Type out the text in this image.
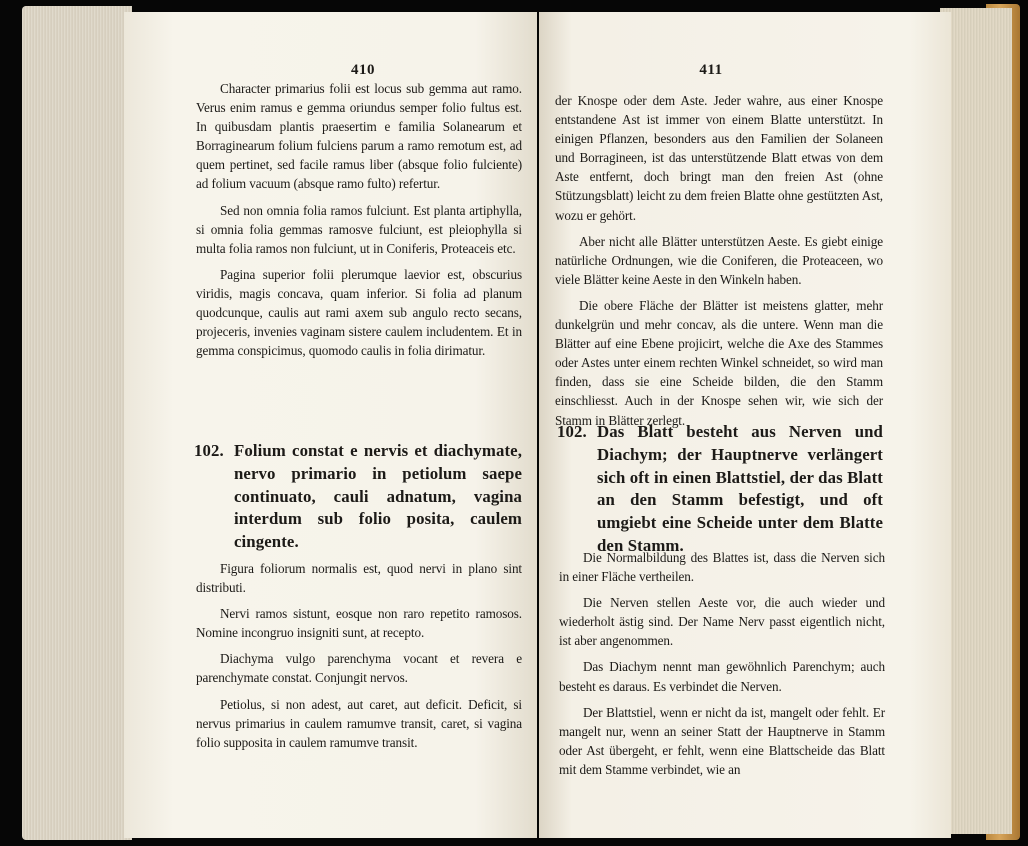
410

Character primarius folii est locus sub gemma aut ramo. Verus enim ramus e gemma oriundus semper folio fultus est. In quibusdam plantis praesertim e familia Solanearum et Borraginearum folium fulciens parum a ramo remotum est, ad quem pertinet, sed facile ramus liber (absque folio fulciente) ad folium vacuum (absque ramo fulto) refertur.

Sed non omnia folia ramos fulciunt. Est planta artiphylla, si omnia folia gemmas ramosve fulciunt, est pleiophylla si multa folia ramos non fulciunt, ut in Coniferis, Proteaceis etc.

Pagina superior folii plerumque laevior est, obscurius viridis, magis concava, quam inferior. Si folia ad planum quodcunque, caulis aut rami axem sub angulo recto secans, projeceris, invenies vaginam sistere caulem includentem. Et in gemma conspicimus, quomodo caulis in folia dirimatur.

102. Folium constat e nervis et diachymate, nervo primario in petiolum saepe continuato, cauli adnatum, vagina interdum sub folio posita, caulem cingente.

Figura foliorum normalis est, quod nervi in plano sint distributi.

Nervi ramos sistunt, eosque non raro repetito ramosos. Nomine incongruo insigniti sunt, at recepto.

Diachyma vulgo parenchyma vocant et revera e parenchymate constat. Conjungit nervos.

Petiolus, si non adest, aut caret, aut deficit. Deficit, si nervus primarius in caulem ramumve transit, caret, si vagina folio supposita in caulem ramumve transit.

411

der Knospe oder dem Aste. Jeder wahre, aus einer Knospe entstandene Ast ist immer von einem Blatte unterstützt. In einigen Pflanzen, besonders aus den Familien der Solaneen und Borragineen, ist das unterstützende Blatt etwas von dem Aste entfernt, doch bringt man den freien Ast (ohne Stützungsblatt) leicht zu dem freien Blatte ohne gestützten Ast, wozu er gehört.

Aber nicht alle Blätter unterstützen Aeste. Es giebt einige natürliche Ordnungen, wie die Coniferen, die Proteaceen, wo viele Blätter keine Aeste in den Winkeln haben.

Die obere Fläche der Blätter ist meistens glatter, mehr dunkelgrün und mehr concav, als die untere. Wenn man die Blätter auf eine Ebene projicirt, welche die Axe des Stammes oder Astes unter einem rechten Winkel schneidet, so wird man finden, dass sie eine Scheide bilden, die den Stamm einschliesst. Auch in der Knospe sehen wir, wie sich der Stamm in Blätter zerlegt.

102. Das Blatt besteht aus Nerven und Diachym; der Hauptnerve verlängert sich oft in einen Blattstiel, der das Blatt an den Stamm befestigt, und oft umgiebt eine Scheide unter dem Blatte den Stamm.

Die Normalbildung des Blattes ist, dass die Nerven sich in einer Fläche vertheilen.

Die Nerven stellen Aeste vor, die auch wieder und wiederholt ästig sind. Der Name Nerv passt eigentlich nicht, ist aber angenommen.

Das Diachym nennt man gewöhnlich Parenchym; auch besteht es daraus. Es verbindet die Nerven.

Der Blattstiel, wenn er nicht da ist, mangelt oder fehlt. Er mangelt nur, wenn an seiner Statt der Hauptnerve in Stamm oder Ast übergeht, er fehlt, wenn eine Blattscheide das Blatt mit dem Stamme verbindet, wie an
